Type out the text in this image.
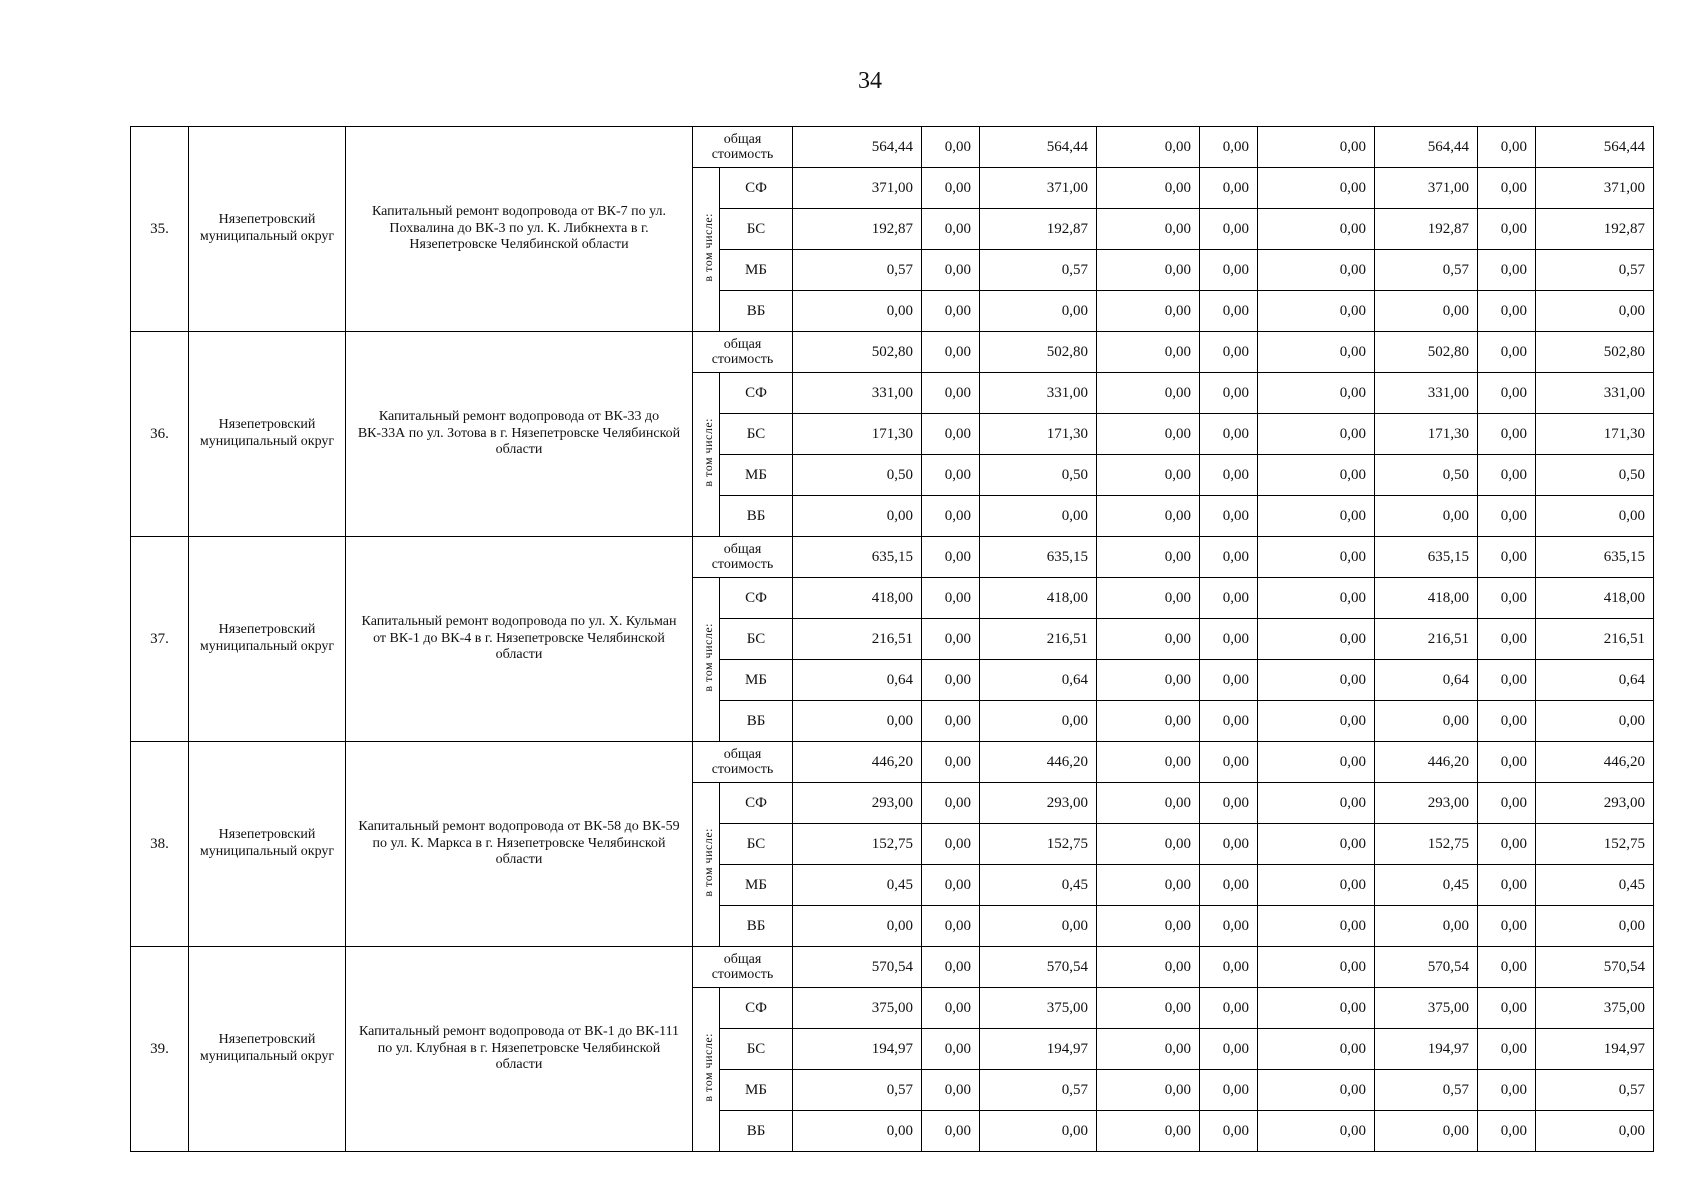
34
35.	Нязепетровский муниципальный округ	Капитальный ремонт водопровода от ВК-7 по ул. Похвалина до ВК-3 по ул. К. Либкнехта в г. Нязепетровске Челябинской области	общая стоимость		564,44	0,00	564,44	0,00	0,00	0,00	564,44	0,00	564,44
			в том числе:	СФ	371,00	0,00	371,00	0,00	0,00	0,00	371,00	0,00	371,00
				БС	192,87	0,00	192,87	0,00	0,00	0,00	192,87	0,00	192,87
				МБ	0,57	0,00	0,57	0,00	0,00	0,00	0,57	0,00	0,57
				ВБ	0,00	0,00	0,00	0,00	0,00	0,00	0,00	0,00	0,00
36.	Нязепетровский муниципальный округ	Капитальный ремонт водопровода от ВК-33 до ВК-33А по ул. Зотова в г. Нязепетровске Челябинской области	общая стоимость		502,80	0,00	502,80	0,00	0,00	0,00	502,80	0,00	502,80
			в том числе:	СФ	331,00	0,00	331,00	0,00	0,00	0,00	331,00	0,00	331,00
				БС	171,30	0,00	171,30	0,00	0,00	0,00	171,30	0,00	171,30
				МБ	0,50	0,00	0,50	0,00	0,00	0,00	0,50	0,00	0,50
				ВБ	0,00	0,00	0,00	0,00	0,00	0,00	0,00	0,00	0,00
37.	Нязепетровский муниципальный округ	Капитальный ремонт водопровода по ул. Х. Кульман от ВК-1 до ВК-4 в г. Нязепетровске Челябинской области	общая стоимость		635,15	0,00	635,15	0,00	0,00	0,00	635,15	0,00	635,15
			в том числе:	СФ	418,00	0,00	418,00	0,00	0,00	0,00	418,00	0,00	418,00
				БС	216,51	0,00	216,51	0,00	0,00	0,00	216,51	0,00	216,51
				МБ	0,64	0,00	0,64	0,00	0,00	0,00	0,64	0,00	0,64
				ВБ	0,00	0,00	0,00	0,00	0,00	0,00	0,00	0,00	0,00
38.	Нязепетровский муниципальный округ	Капитальный ремонт водопровода от ВК-58 до ВК-59 по ул. К. Маркса в г. Нязепетровске Челябинской области	общая стоимость		446,20	0,00	446,20	0,00	0,00	0,00	446,20	0,00	446,20
			в том числе:	СФ	293,00	0,00	293,00	0,00	0,00	0,00	293,00	0,00	293,00
				БС	152,75	0,00	152,75	0,00	0,00	0,00	152,75	0,00	152,75
				МБ	0,45	0,00	0,45	0,00	0,00	0,00	0,45	0,00	0,45
				ВБ	0,00	0,00	0,00	0,00	0,00	0,00	0,00	0,00	0,00
39.	Нязепетровский муниципальный округ	Капитальный ремонт водопровода от ВК-1 до ВК-111 по ул. Клубная в г. Нязепетровске Челябинской области	общая стоимость		570,54	0,00	570,54	0,00	0,00	0,00	570,54	0,00	570,54
			в том числе:	СФ	375,00	0,00	375,00	0,00	0,00	0,00	375,00	0,00	375,00
				БС	194,97	0,00	194,97	0,00	0,00	0,00	194,97	0,00	194,97
				МБ	0,57	0,00	0,57	0,00	0,00	0,00	0,57	0,00	0,57
				ВБ	0,00	0,00	0,00	0,00	0,00	0,00	0,00	0,00	0,00
